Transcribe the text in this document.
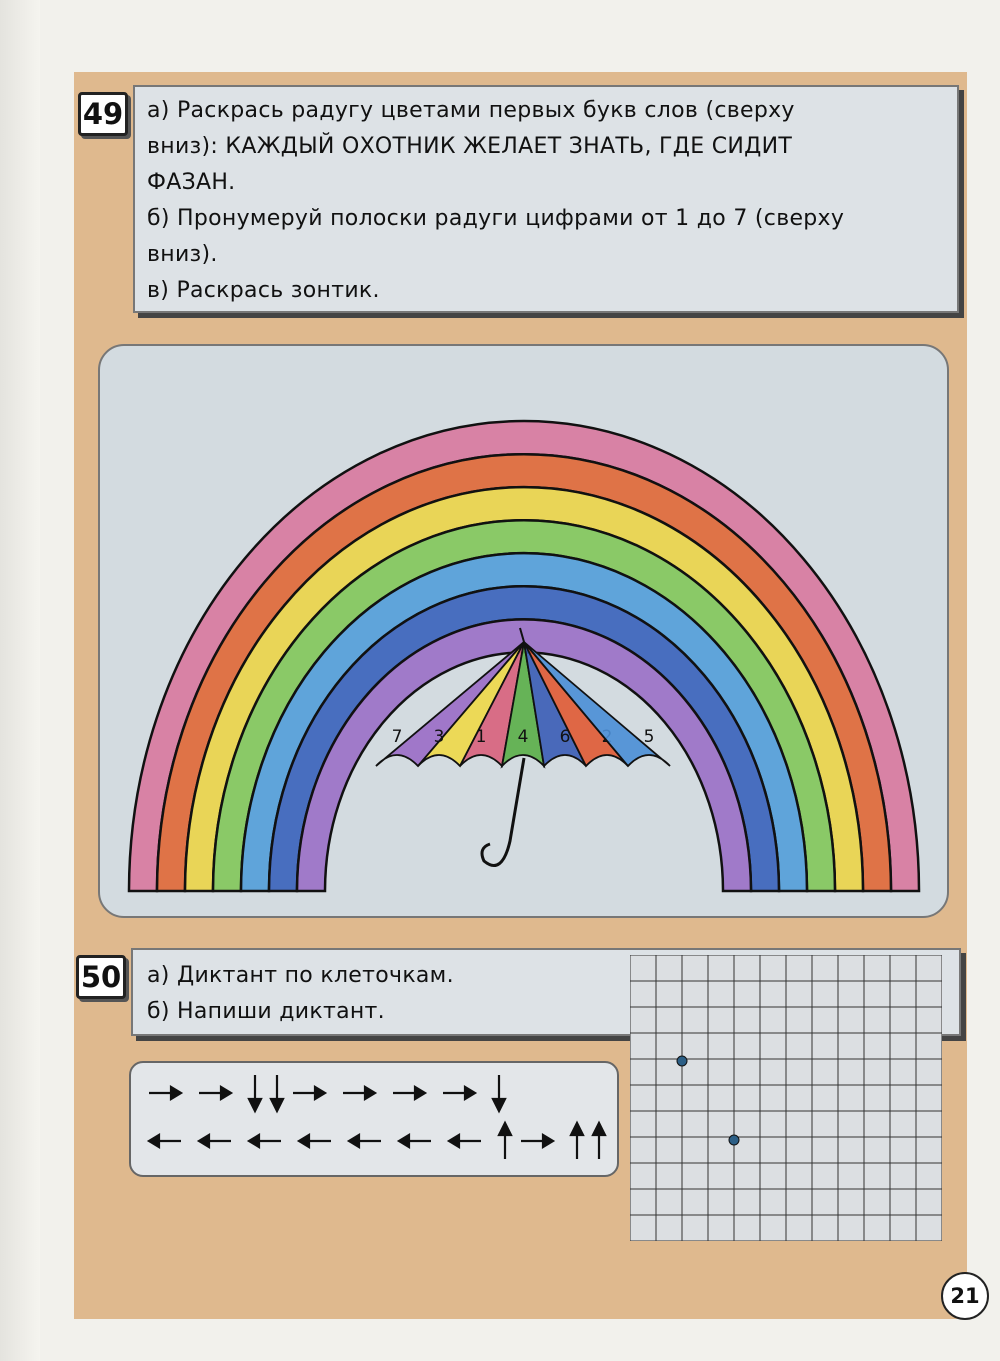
49 а) Раскрась радугу цветами первых букв слов (сверху

вниз): КАЖДЫЙ ОХОТНИК ЖЕЛАЕТ ЗНАТЬ, ГДЕ СИДИТ

ФАЗАН.

б) Пронумеруй полоски радуги цифрами от 1 до 7 (сверху

вниз).

в) Раскрась зонтик.

7 3 1 4 6	5
50 а) Диктант по клеточкам.

б) Напиши диктант.

21
